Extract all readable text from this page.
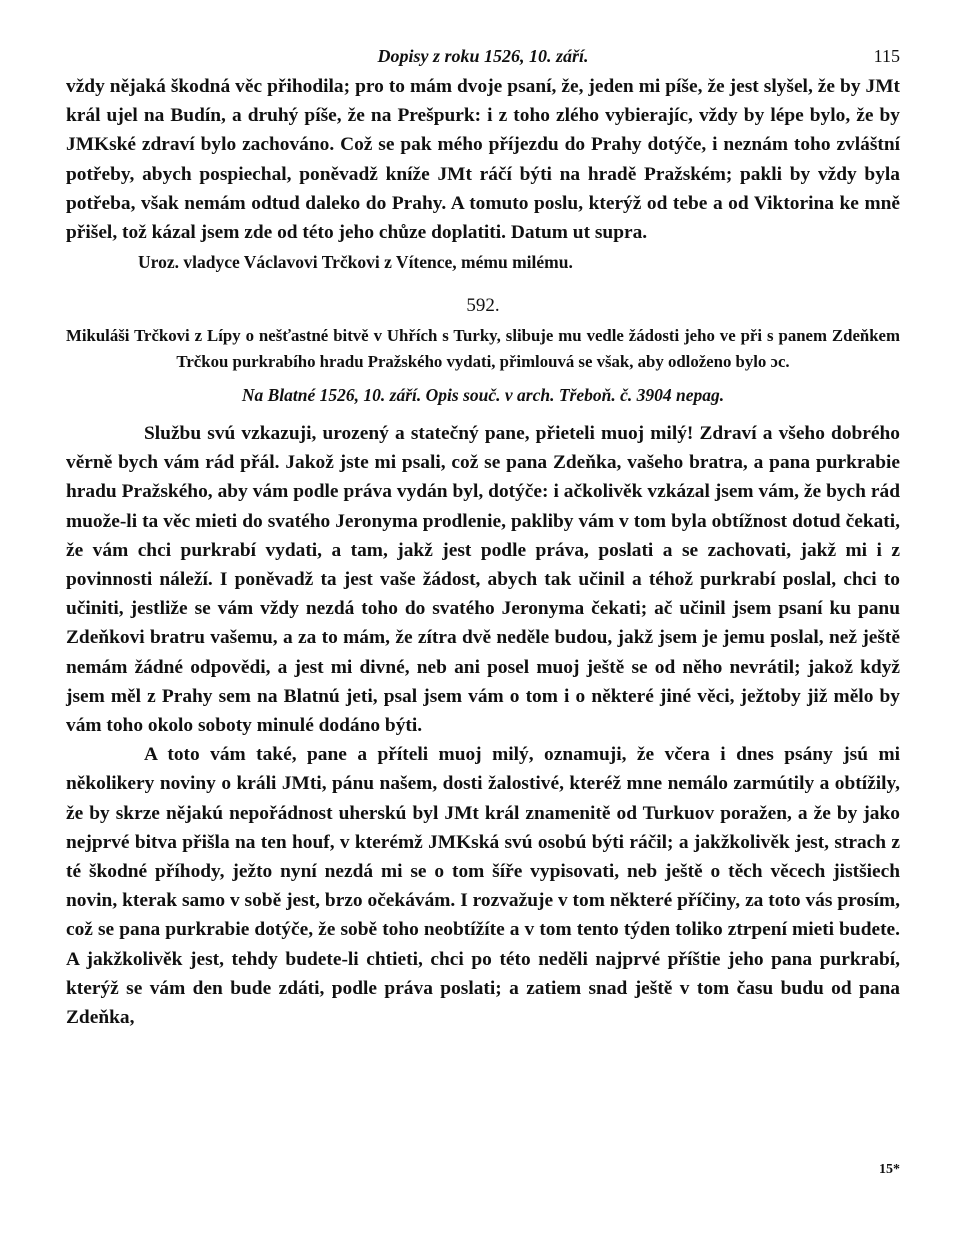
Dopisy z roku 1526, 10. září.	115

vždy nějaká škodná věc přihodila; pro to mám dvoje psaní, že, jeden mi píše, že jest slyšel, že by JMt král ujel na Budín, a druhý píše, že na Prešpurk: i z toho zlého vybierajíc, vždy by lépe bylo, že by JMKské zdraví bylo zachováno. Což se pak mého příjezdu do Prahy dotýče, i neznám toho zvláštní potřeby, abych pospiechal, poněvadž kníže JMt ráčí býti na hradě Pražském; pakli by vždy byla potřeba, však nemám odtud daleko do Prahy. A tomuto poslu, kterýž od tebe a od Viktorina ke mně přišel, tož kázal jsem zde od této jeho chůze doplatiti. Datum ut supra.

Uroz. vladyce Václavovi Trčkovi z Vítence, mému milému.

592.

Mikuláši Trčkovi z Lípy o nešťastné bitvě v Uhřích s Turky, slibuje mu vedle žádosti jeho ve při s panem Zdeňkem Trčkou purkrabího hradu Pražského vydati, přimlouvá se však, aby odloženo bylo ɔc.

Na Blatné 1526, 10. září. Opis souč. v arch. Třeboň. č. 3904 nepag.

Službu svú vzkazuji, urozený a statečný pane, přieteli muoj milý! Zdraví a všeho dobrého věrně bych vám rád přál. Jakož jste mi psali, což se pana Zdeňka, vašeho bratra, a pana purkrabie hradu Pražského, aby vám podle práva vydán byl, dotýče: i ačkolivěk vzkázal jsem vám, že bych rád muože-li ta věc mieti do svatého Jeronyma prodlenie, pakliby vám v tom byla obtížnost dotud čekati, že vám chci purkrabí vydati, a tam, jakž jest podle práva, poslati a se zachovati, jakž mi i z povinnosti náleží. I poněvadž ta jest vaše žádost, abych tak učinil a téhož purkrabí poslal, chci to učiniti, jestliže se vám vždy nezdá toho do svatého Jeronyma čekati; ač učinil jsem psaní ku panu Zdeňkovi bratru vašemu, a za to mám, že zítra dvě neděle budou, jakž jsem je jemu poslal, než ještě nemám žádné odpovědi, a jest mi divné, neb ani posel muoj ještě se od něho nevrátil; jakož když jsem měl z Prahy sem na Blatnú jeti, psal jsem vám o tom i o některé jiné věci, ježtoby již mělo by vám toho okolo soboty minulé dodáno býti.

A toto vám také, pane a příteli muoj milý, oznamuji, že včera i dnes psány jsú mi několikery noviny o králi JMti, pánu našem, dosti žalostivé, kteréž mne nemálo zarmútily a obtížily, že by skrze nějakú nepořádnost uherskú byl JMt král znamenitě od Turkuov poražen, a že by jako nejprvé bitva přišla na ten houf, v kterémž JMKská svú osobú býti ráčil; a jakžkolivěk jest, strach z té škodné příhody, ježto nyní nezdá mi se o tom šíře vypisovati, neb ještě o těch věcech jistšiech novin, kterak samo v sobě jest, brzo očekávám. I rozvažuje v tom některé příčiny, za toto vás prosím, což se pana purkrabie dotýče, že sobě toho neobtížíte a v tom tento týden toliko ztrpení mieti budete. A jakžkolivěk jest, tehdy budete-li chtieti, chci po této neděli najprvé příštie jeho pana purkrabí, kterýž se vám den bude zdáti, podle práva poslati; a zatiem snad ještě v tom času budu od pana Zdeňka,

15*
